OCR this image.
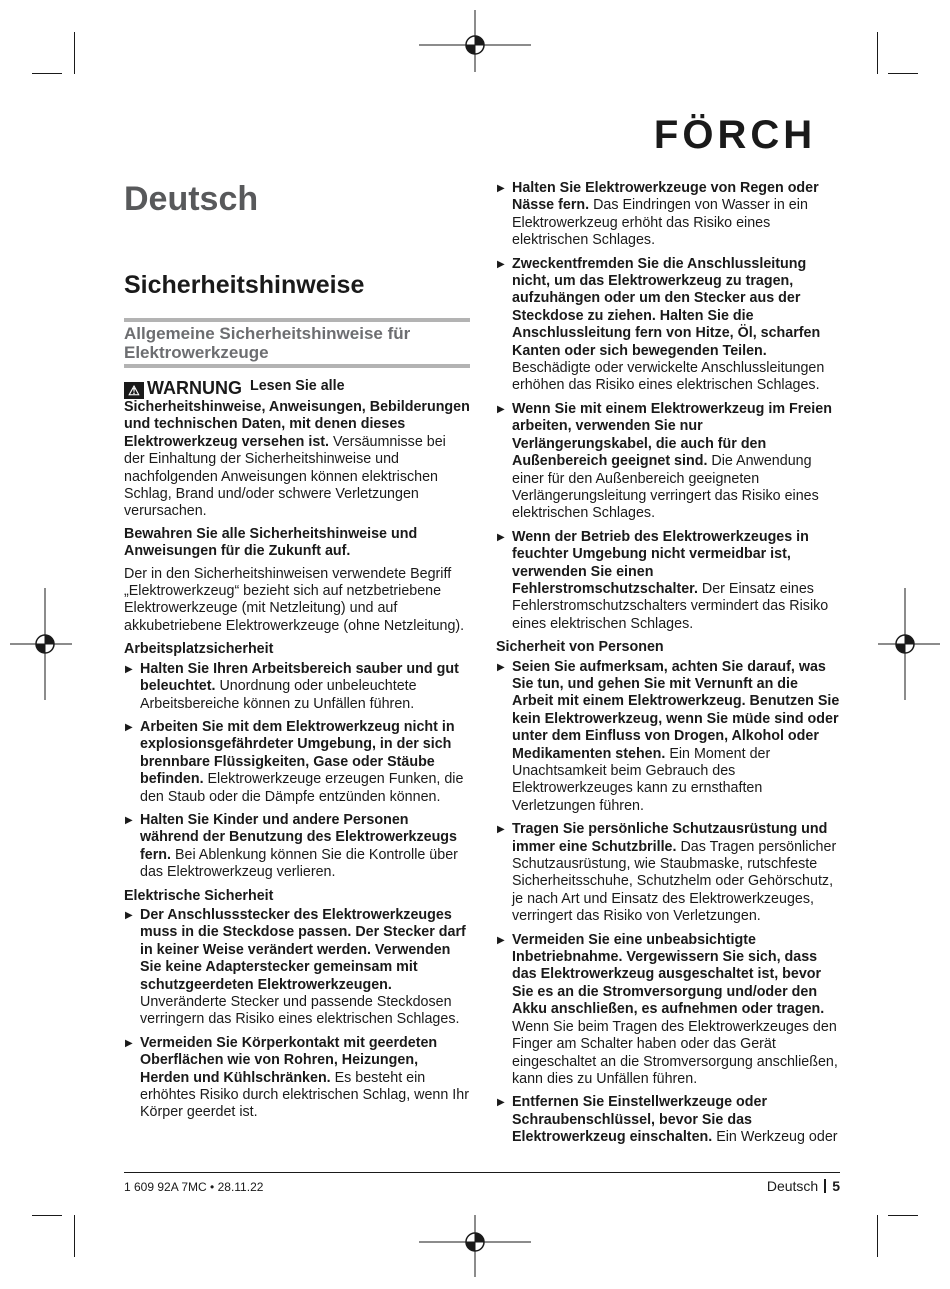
FÖRCH
Deutsch
Sicherheitshinweise
Allgemeine Sicherheitshinweise für Elektrowerkzeuge

⚠ WARNUNG Lesen Sie alle Sicherheitshinweise, Anweisungen, Bebilderungen und technischen Daten, mit denen dieses Elektrowerkzeug versehen ist. Versäumnisse bei der Einhaltung der Sicherheitshinweise und nachfolgenden Anweisungen können elektrischen Schlag, Brand und/oder schwere Verletzungen verursachen.

Bewahren Sie alle Sicherheitshinweise und Anweisungen für die Zukunft auf.

Der in den Sicherheitshinweisen verwendete Begriff „Elektrowerkzeug“ bezieht sich auf netzbetriebene Elektrowerkzeuge (mit Netzleitung) und auf akkubetriebene Elektrowerkzeuge (ohne Netzleitung).

Arbeitsplatzsicherheit
▶ Halten Sie Ihren Arbeitsbereich sauber und gut beleuchtet. Unordnung oder unbeleuchtete Arbeitsbereiche können zu Unfällen führen.
▶ Arbeiten Sie mit dem Elektrowerkzeug nicht in explosionsgefährdeter Umgebung, in der sich brennbare Flüssigkeiten, Gase oder Stäube befinden. Elektrowerkzeuge erzeugen Funken, die den Staub oder die Dämpfe entzünden können.
▶ Halten Sie Kinder und andere Personen während der Benutzung des Elektrowerkzeugs fern. Bei Ablenkung können Sie die Kontrolle über das Elektrowerkzeug verlieren.
Elektrische Sicherheit
▶ Der Anschlussstecker des Elektrowerkzeuges muss in die Steckdose passen. Der Stecker darf in keiner Weise verändert werden. Verwenden Sie keine Adapterstecker gemeinsam mit schutzgeerdeten Elektrowerkzeugen. Unveränderte Stecker und passende Steckdosen verringern das Risiko eines elektrischen Schlages.
▶ Vermeiden Sie Körperkontakt mit geerdeten Oberflächen wie von Rohren, Heizungen, Herden und Kühlschränken. Es besteht ein erhöhtes Risiko durch elektrischen Schlag, wenn Ihr Körper geerdet ist.
▶ Halten Sie Elektrowerkzeuge von Regen oder Nässe fern. Das Eindringen von Wasser in ein Elektrowerkzeug erhöht das Risiko eines elektrischen Schlages.
▶ Zweckentfremden Sie die Anschlussleitung nicht, um das Elektrowerkzeug zu tragen, aufzuhängen oder um den Stecker aus der Steckdose zu ziehen. Halten Sie die Anschlussleitung fern von Hitze, Öl, scharfen Kanten oder sich bewegenden Teilen. Beschädigte oder verwickelte Anschlussleitungen erhöhen das Risiko eines elektrischen Schlages.
▶ Wenn Sie mit einem Elektrowerkzeug im Freien arbeiten, verwenden Sie nur Verlängerungskabel, die auch für den Außenbereich geeignet sind. Die Anwendung einer für den Außenbereich geeigneten Verlängerungsleitung verringert das Risiko eines elektrischen Schlages.
▶ Wenn der Betrieb des Elektrowerkzeuges in feuchter Umgebung nicht vermeidbar ist, verwenden Sie einen Fehlerstromschutzschalter. Der Einsatz eines Fehlerstromschutzschalters vermindert das Risiko eines elektrischen Schlages.
Sicherheit von Personen
▶ Seien Sie aufmerksam, achten Sie darauf, was Sie tun, und gehen Sie mit Vernunft an die Arbeit mit einem Elektrowerkzeug. Benutzen Sie kein Elektrowerkzeug, wenn Sie müde sind oder unter dem Einfluss von Drogen, Alkohol oder Medikamenten stehen. Ein Moment der Unachtsamkeit beim Gebrauch des Elektrowerkzeuges kann zu ernsthaften Verletzungen führen.
▶ Tragen Sie persönliche Schutzausrüstung und immer eine Schutzbrille. Das Tragen persönlicher Schutzausrüstung, wie Staubmaske, rutschfeste Sicherheitsschuhe, Schutzhelm oder Gehörschutz, je nach Art und Einsatz des Elektrowerkzeuges, verringert das Risiko von Verletzungen.
▶ Vermeiden Sie eine unbeabsichtigte Inbetriebnahme. Vergewissern Sie sich, dass das Elektrowerkzeug ausgeschaltet ist, bevor Sie es an die Stromversorgung und/oder den Akku anschließen, es aufnehmen oder tragen. Wenn Sie beim Tragen des Elektrowerkzeuges den Finger am Schalter haben oder das Gerät eingeschaltet an die Stromversorgung anschließen, kann dies zu Unfällen führen.
▶ Entfernen Sie Einstellwerkzeuge oder Schraubenschlüssel, bevor Sie das Elektrowerkzeug einschalten. Ein Werkzeug oder
1 609 92A 7MC • 28.11.22	Deutsch 5
